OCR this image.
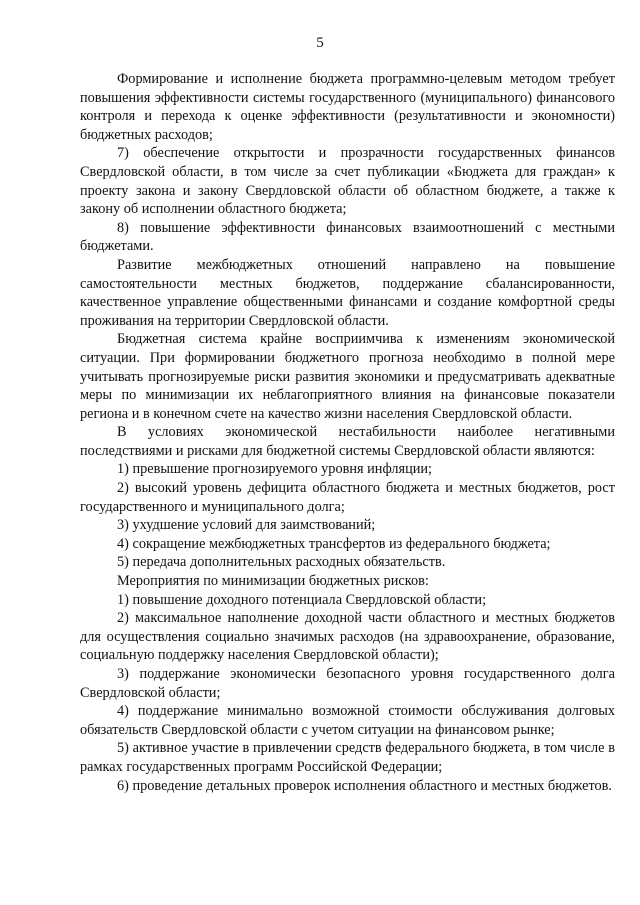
5

Формирование и исполнение бюджета программно-целевым методом требует повышения эффективности системы государственного (муниципального) финансового контроля и перехода к оценке эффективности (результативности и экономности) бюджетных расходов;

7) обеспечение открытости и прозрачности государственных финансов Свердловской области, в том числе за счет публикации «Бюджета для граждан» к проекту закона и закону Свердловской области об областном бюджете, а также к закону об исполнении областного бюджета;

8) повышение эффективности финансовых взаимоотношений с местными бюджетами.

Развитие межбюджетных отношений направлено на повышение самостоятельности местных бюджетов, поддержание сбалансированности, качественное управление общественными финансами и создание комфортной среды проживания на территории Свердловской области.

Бюджетная система крайне восприимчива к изменениям экономической ситуации. При формировании бюджетного прогноза необходимо в полной мере учитывать прогнозируемые риски развития экономики и предусматривать адекватные меры по минимизации их неблагоприятного влияния на финансовые показатели региона и в конечном счете на качество жизни населения Свердловской области.

В условиях экономической нестабильности наиболее негативными последствиями и рисками для бюджетной системы Свердловской области являются:

1) превышение прогнозируемого уровня инфляции;

2) высокий уровень дефицита областного бюджета и местных бюджетов, рост государственного и муниципального долга;

3) ухудшение условий для заимствований;

4) сокращение межбюджетных трансфертов из федерального бюджета;

5) передача дополнительных расходных обязательств.

Мероприятия по минимизации бюджетных рисков:

1) повышение доходного потенциала Свердловской области;

2) максимальное наполнение доходной части областного и местных бюджетов для осуществления социально значимых расходов (на здравоохранение, образование, социальную поддержку населения Свердловской области);

3) поддержание экономически безопасного уровня государственного долга Свердловской области;

4) поддержание минимально возможной стоимости обслуживания долговых обязательств Свердловской области с учетом ситуации на финансовом рынке;

5) активное участие в привлечении средств федерального бюджета, в том числе в рамках государственных программ Российской Федерации;

6) проведение детальных проверок исполнения областного и местных бюджетов.
